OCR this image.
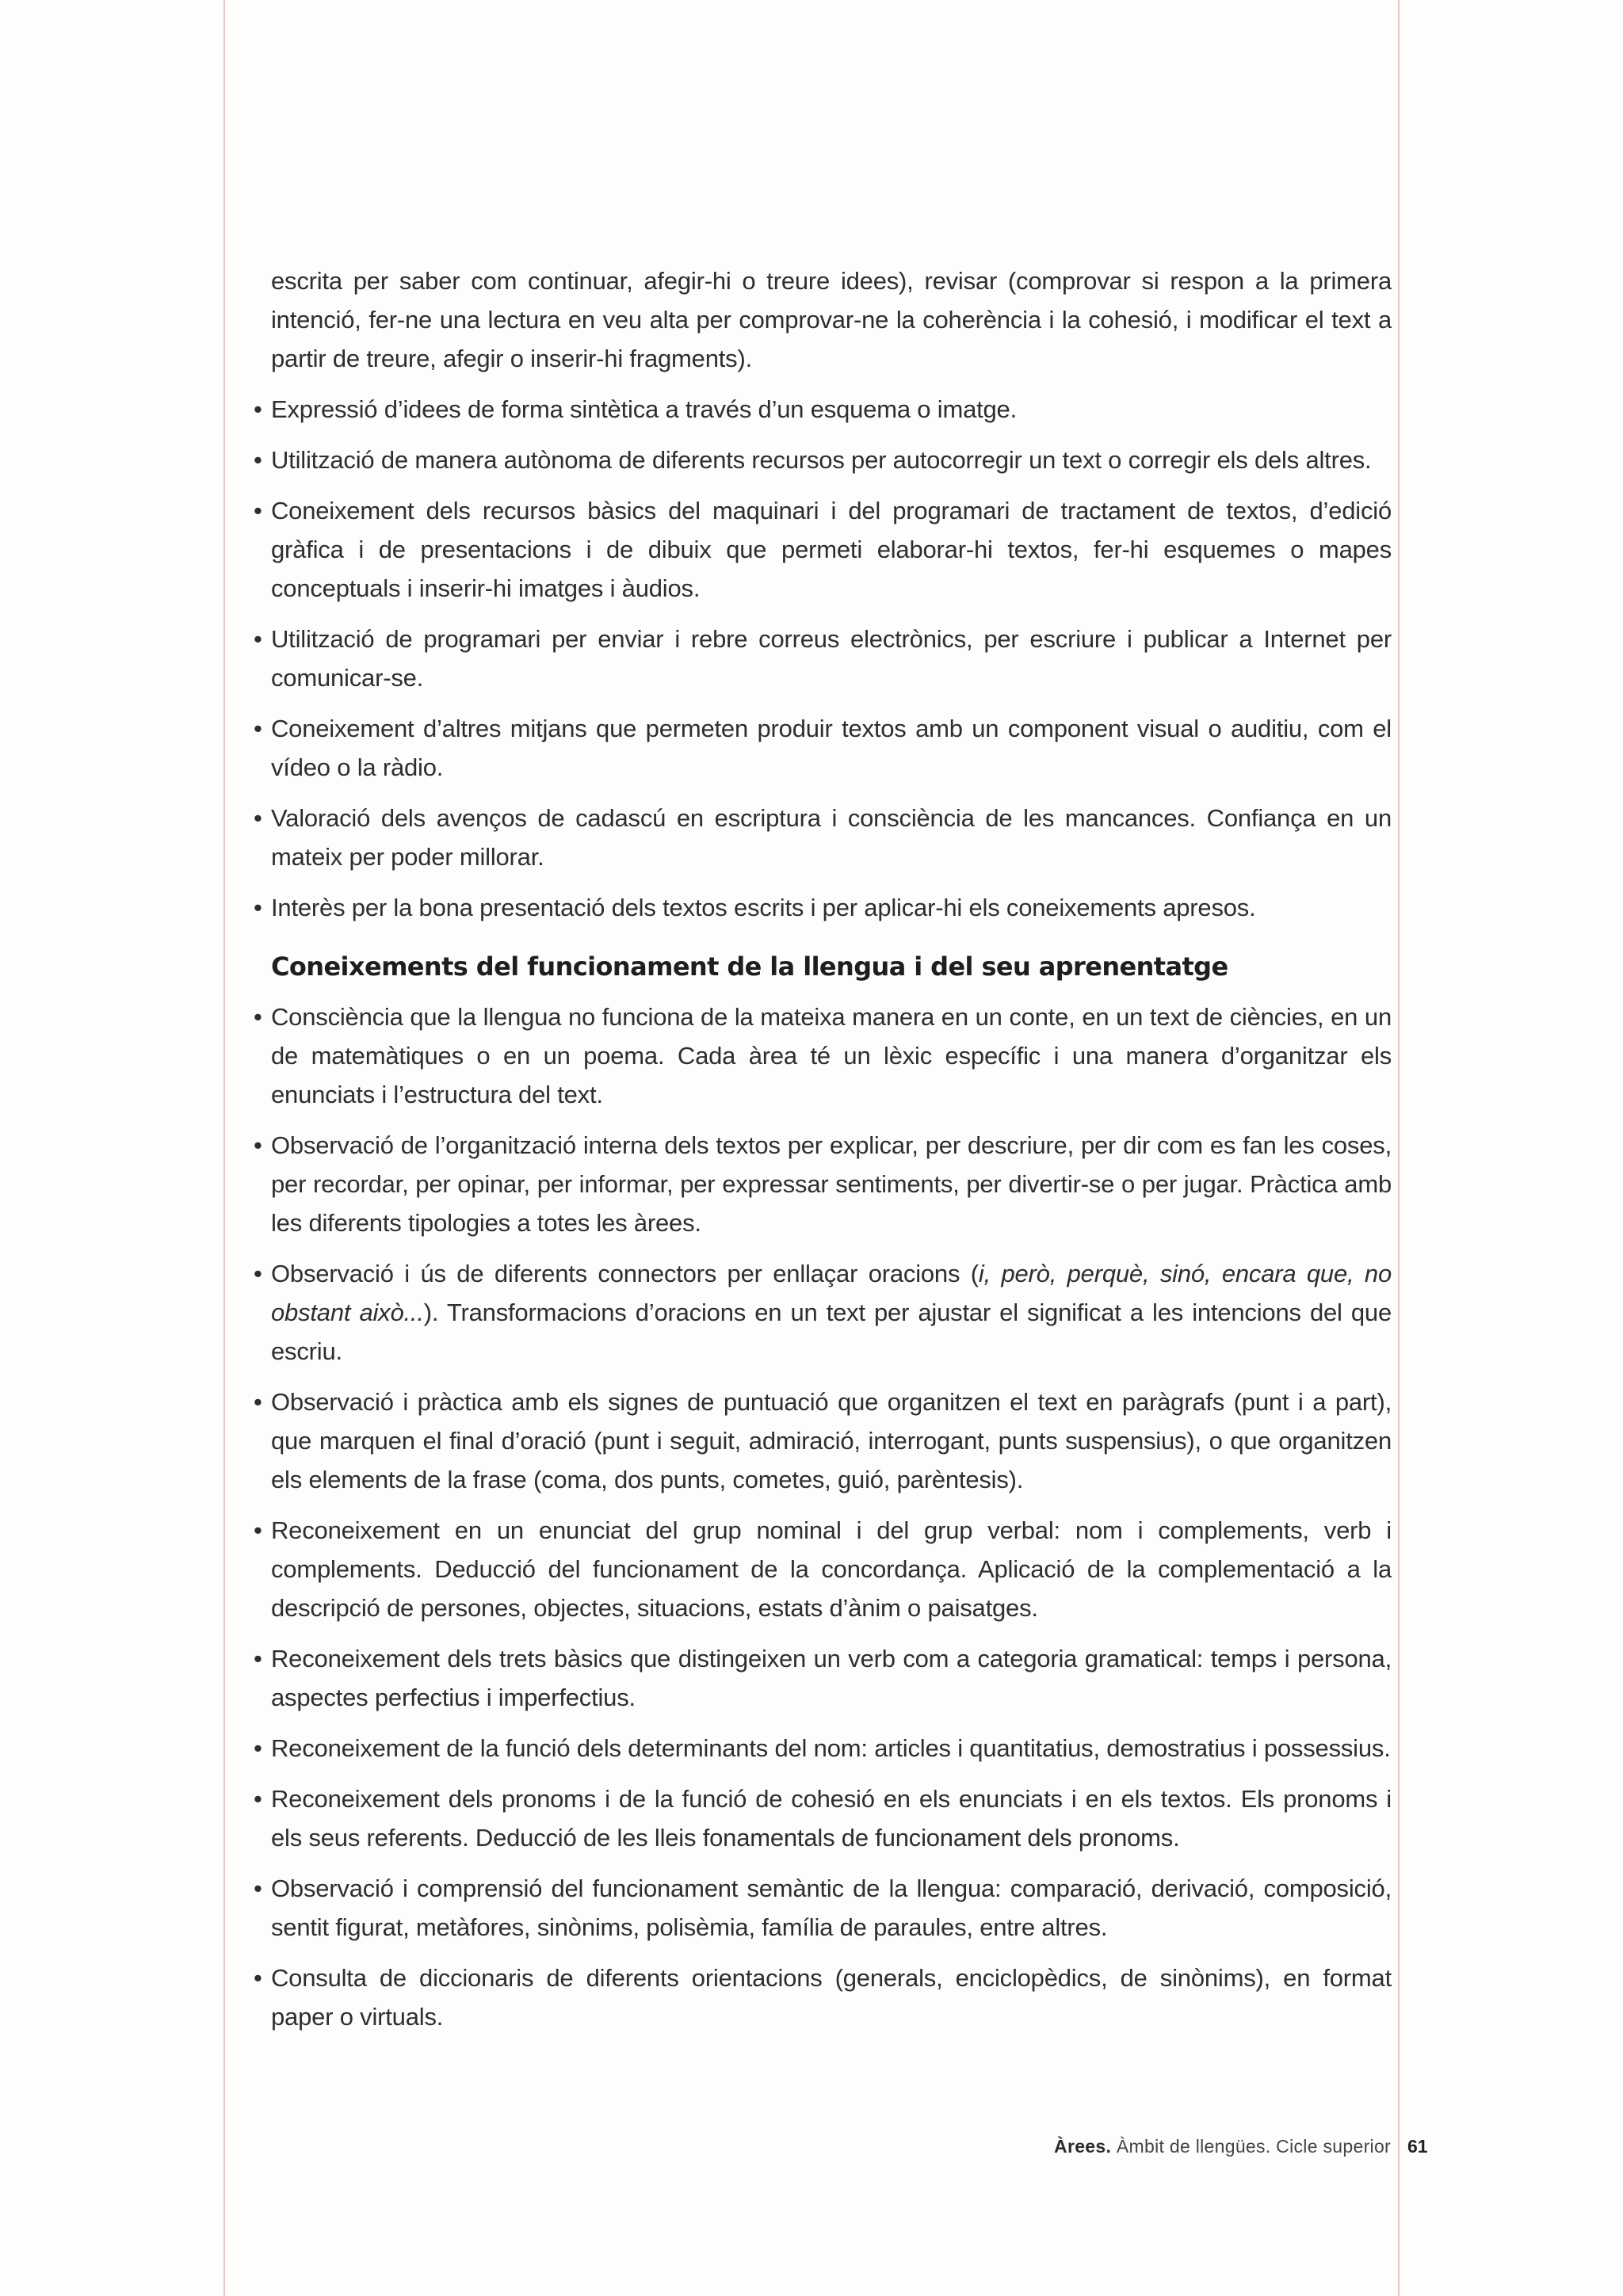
escrita per saber com continuar, afegir-hi o treure idees), revisar (comprovar si respon a la primera intenció, fer-ne una lectura en veu alta per comprovar-ne la coherència i la cohesió, i modificar el text a partir de treure, afegir o inserir-hi fragments).

• Expressió d’idees de forma sintètica a través d’un esquema o imatge.

• Utilització de manera autònoma de diferents recursos per autocorregir un text o corregir els dels altres.

• Coneixement dels recursos bàsics del maquinari i del programari de tractament de textos, d’edició gràfica i de presentacions i de dibuix que permeti elaborar-hi textos, fer-hi esquemes o mapes conceptuals i inserir-hi imatges i àudios.

• Utilització de programari per enviar i rebre correus electrònics, per escriure i publicar a Internet per comunicar-se.

• Coneixement d’altres mitjans que permeten produir textos amb un component visual o auditiu, com el vídeo o la ràdio.

• Valoració dels avenços de cadascú en escriptura i consciència de les mancances. Confiança en un mateix per poder millorar.

• Interès per la bona presentació dels textos escrits i per aplicar-hi els coneixements apresos.

Coneixements del funcionament de la llengua i del seu aprenentatge

• Consciència que la llengua no funciona de la mateixa manera en un conte, en un text de ciències, en un de matemàtiques o en un poema. Cada àrea té un lèxic específic i una manera d’organitzar els enunciats i l’estructura del text.

• Observació de l’organització interna dels textos per explicar, per descriure, per dir com es fan les coses, per recordar, per opinar, per informar, per expressar sentiments, per divertir-se o per jugar. Pràctica amb les diferents tipologies a totes les àrees.

• Observació i ús de diferents connectors per enllaçar oracions (i, però, perquè, sinó, encara que, no obstant això...). Transformacions d’oracions en un text per ajustar el significat a les intencions del que escriu.

• Observació i pràctica amb els signes de puntuació que organitzen el text en paràgrafs (punt i a part), que marquen el final d’oració (punt i seguit, admiració, interrogant, punts suspensius), o que organitzen els elements de la frase (coma, dos punts, cometes, guió, parèntesis).

• Reconeixement en un enunciat del grup nominal i del grup verbal: nom i complements, verb i complements. Deducció del funcionament de la concordança. Aplicació de la complementació a la descripció de persones, objectes, situacions, estats d’ànim o paisatges.

• Reconeixement dels trets bàsics que distingeixen un verb com a categoria gramatical: temps i persona, aspectes perfectius i imperfectius.

• Reconeixement de la funció dels determinants del nom: articles i quantitatius, demostratius i possessius.

• Reconeixement dels pronoms i de la funció de cohesió en els enunciats i en els textos. Els pronoms i els seus referents. Deducció de les lleis fonamentals de funcionament dels pronoms.

• Observació i comprensió del funcionament semàntic de la llengua: comparació, derivació, composició, sentit figurat, metàfores, sinònims, polisèmia, família de paraules, entre altres.

• Consulta de diccionaris de diferents orientacions (generals, enciclopèdics, de sinònims), en format paper o virtuals.

Àrees. Àmbit de llengües. Cicle superior 61
